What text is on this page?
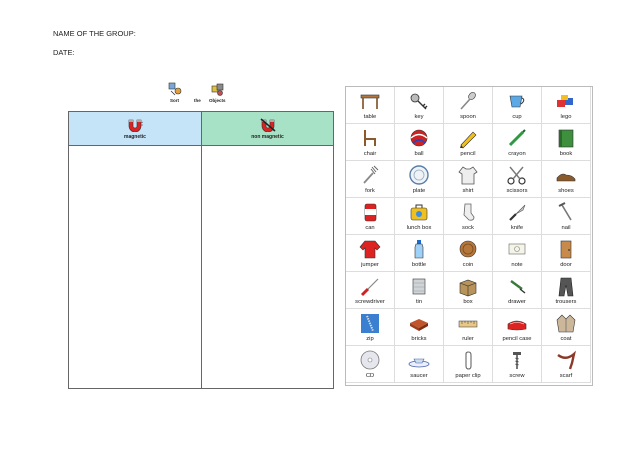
NAME OF THE GROUP:
DATE:
Sort	the Objects
magnetic	non magnetic
table	key	spoon	cup	lego
chair	ball	pencil	crayon	book
fork	plate	shirt	scissors	shoes
can	lunch box	sock	knife	nail
jumper	bottle	coin	note	door
screwdriver	tin	box	drawer	trousers
zip	bricks	ruler	pencil case	coat
CD	saucer	paper clip	screw	scarf
